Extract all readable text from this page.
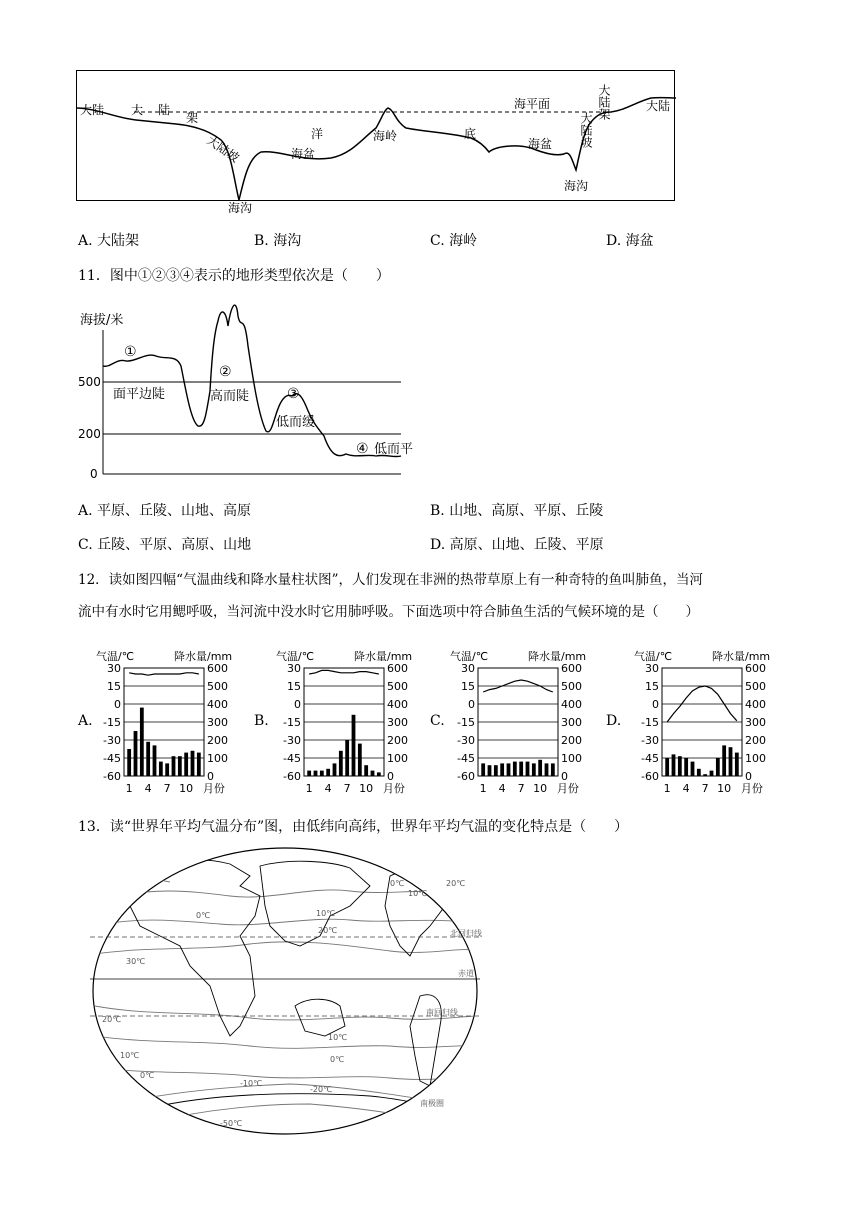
大陆 大 陆
架
大陆坡	洋
海盆
海岭	底
海平面
海盆
大陆架
大陆坡
大陆
海沟
海沟
A. 大陆架	B. 海沟	C. 海岭	D. 海盆
11．图中①②③④表示的地形类型依次是（　　）
海拔/米
500
200
0
①
②
③
④
面平边陡	高而陡
低而缓
低而平
A. 平原、丘陵、山地、高原	B. 山地、高原、平原、丘陵
C. 丘陵、平原、高原、山地	D. 高原、山地、丘陵、平原
12．读如图四幅“气温曲线和降水量柱状图”，人们发现在非洲的热带草原上有一种奇特的鱼叫肺鱼，当河
流中有水时它用鳃呼吸，当河流中没水时它用肺呼吸。下面选项中符合肺鱼生活的气候环境的是（　　）
A.	B.	C.	D.
气温/℃	降水量/mm
30	600
15	500
0	400
-15	300
-30	200
-45	100
-60	0
1 4 7 10 月份
气温/℃	降水量/mm
30	600
15	500
0	400
-15	300
-30	200
-45	100
-60	0
1 4 7 10 月份
气温/℃	降水量/mm
30	600
15	500
0	400
-15	300
-30	200
-45	100
-60	0
1 4 7 10 月份
气温/℃	降水量/mm
30	600
15	500
0	400
-15	300
-30	200
-45	100
-60	0
1 4 7 10 月份
13．读“世界年平均气温分布”图，由低纬向高纬，世界年平均气温的变化特点是（　　）
0℃	10℃
20℃
30℃
20℃
10℃
0℃
北回归线
赤道
南回归线
20℃
10℃
0℃
-10℃
-20℃
-50℃
10℃
0℃
南极圈
